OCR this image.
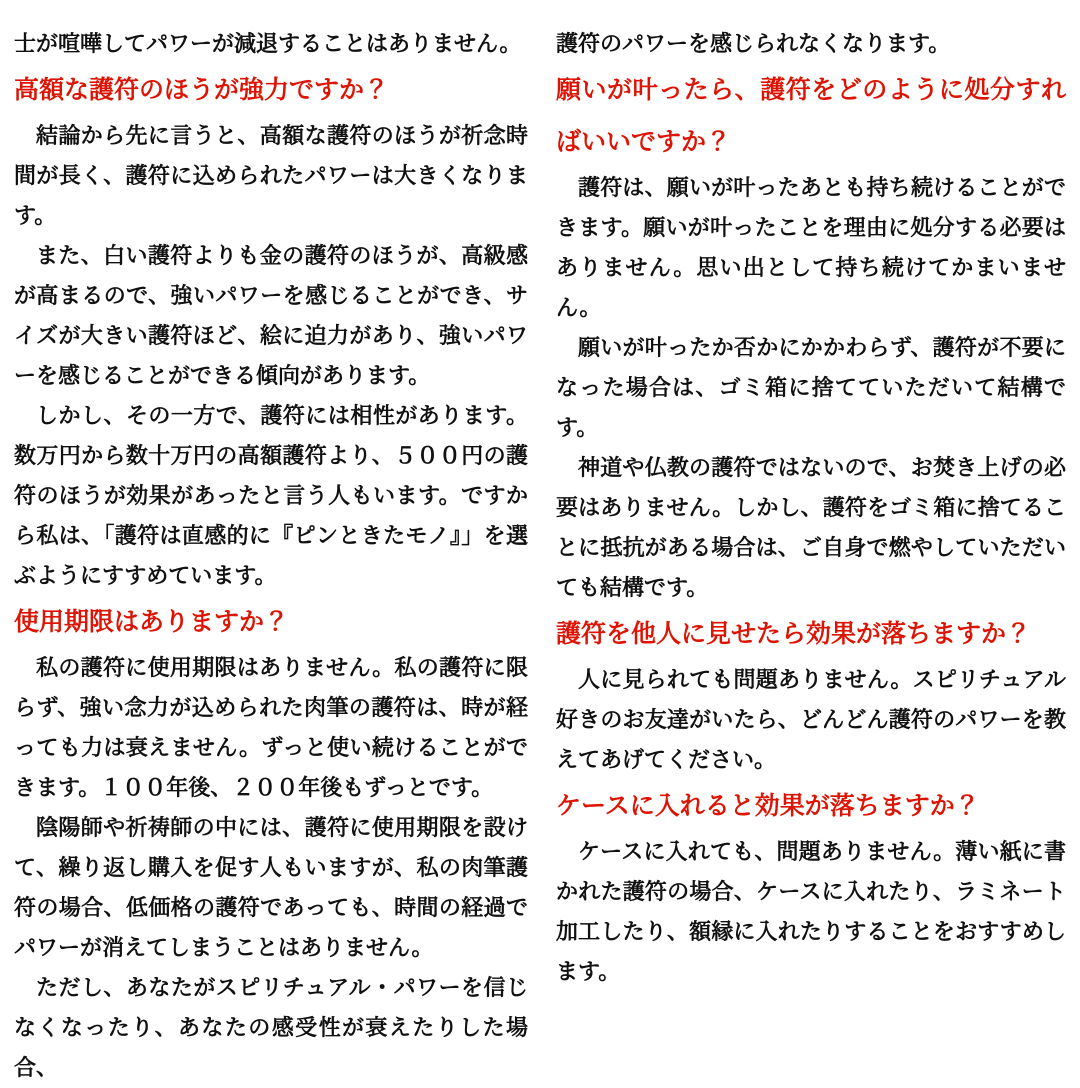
士が喧嘩してパワーが減退することはありません。

高額な護符のほうが強力ですか？

結論から先に言うと、高額な護符のほうが祈念時間が長く、護符に込められたパワーは大きくなります。

また、白い護符よりも金の護符のほうが、高級感が高まるので、強いパワーを感じることができ、サイズが大きい護符ほど、絵に迫力があり、強いパワーを感じることができる傾向があります。

しかし、その一方で、護符には相性があります。数万円から数十万円の高額護符より、５００円の護符のほうが効果があったと言う人もいます。ですから私は、「護符は直感的に『ピンときたモノ』」を選ぶようにすすめています。

使用期限はありますか？

私の護符に使用期限はありません。私の護符に限らず、強い念力が込められた肉筆の護符は、時が経っても力は衰えません。ずっと使い続けることができます。１００年後、２００年後もずっとです。

陰陽師や祈祷師の中には、護符に使用期限を設けて、繰り返し購入を促す人もいますが、私の肉筆護符の場合、低価格の護符であっても、時間の経過でパワーが消えてしまうことはありません。

ただし、あなたがスピリチュアル・パワーを信じなくなったり、あなたの感受性が衰えたりした場合、

護符のパワーを感じられなくなります。

願いが叶ったら、護符をどのように処分すればいいですか？

護符は、願いが叶ったあとも持ち続けることができます。願いが叶ったことを理由に処分する必要はありません。思い出として持ち続けてかまいません。

願いが叶ったか否かにかかわらず、護符が不要になった場合は、ゴミ箱に捨てていただいて結構です。

神道や仏教の護符ではないので、お焚き上げの必要はありません。しかし、護符をゴミ箱に捨てることに抵抗がある場合は、ご自身で燃やしていただいても結構です。

護符を他人に見せたら効果が落ちますか？

人に見られても問題ありません。スピリチュアル好きのお友達がいたら、どんどん護符のパワーを教えてあげてください。

ケースに入れると効果が落ちますか？

ケースに入れても、問題ありません。薄い紙に書かれた護符の場合、ケースに入れたり、ラミネート加工したり、額縁に入れたりすることをおすすめします。
